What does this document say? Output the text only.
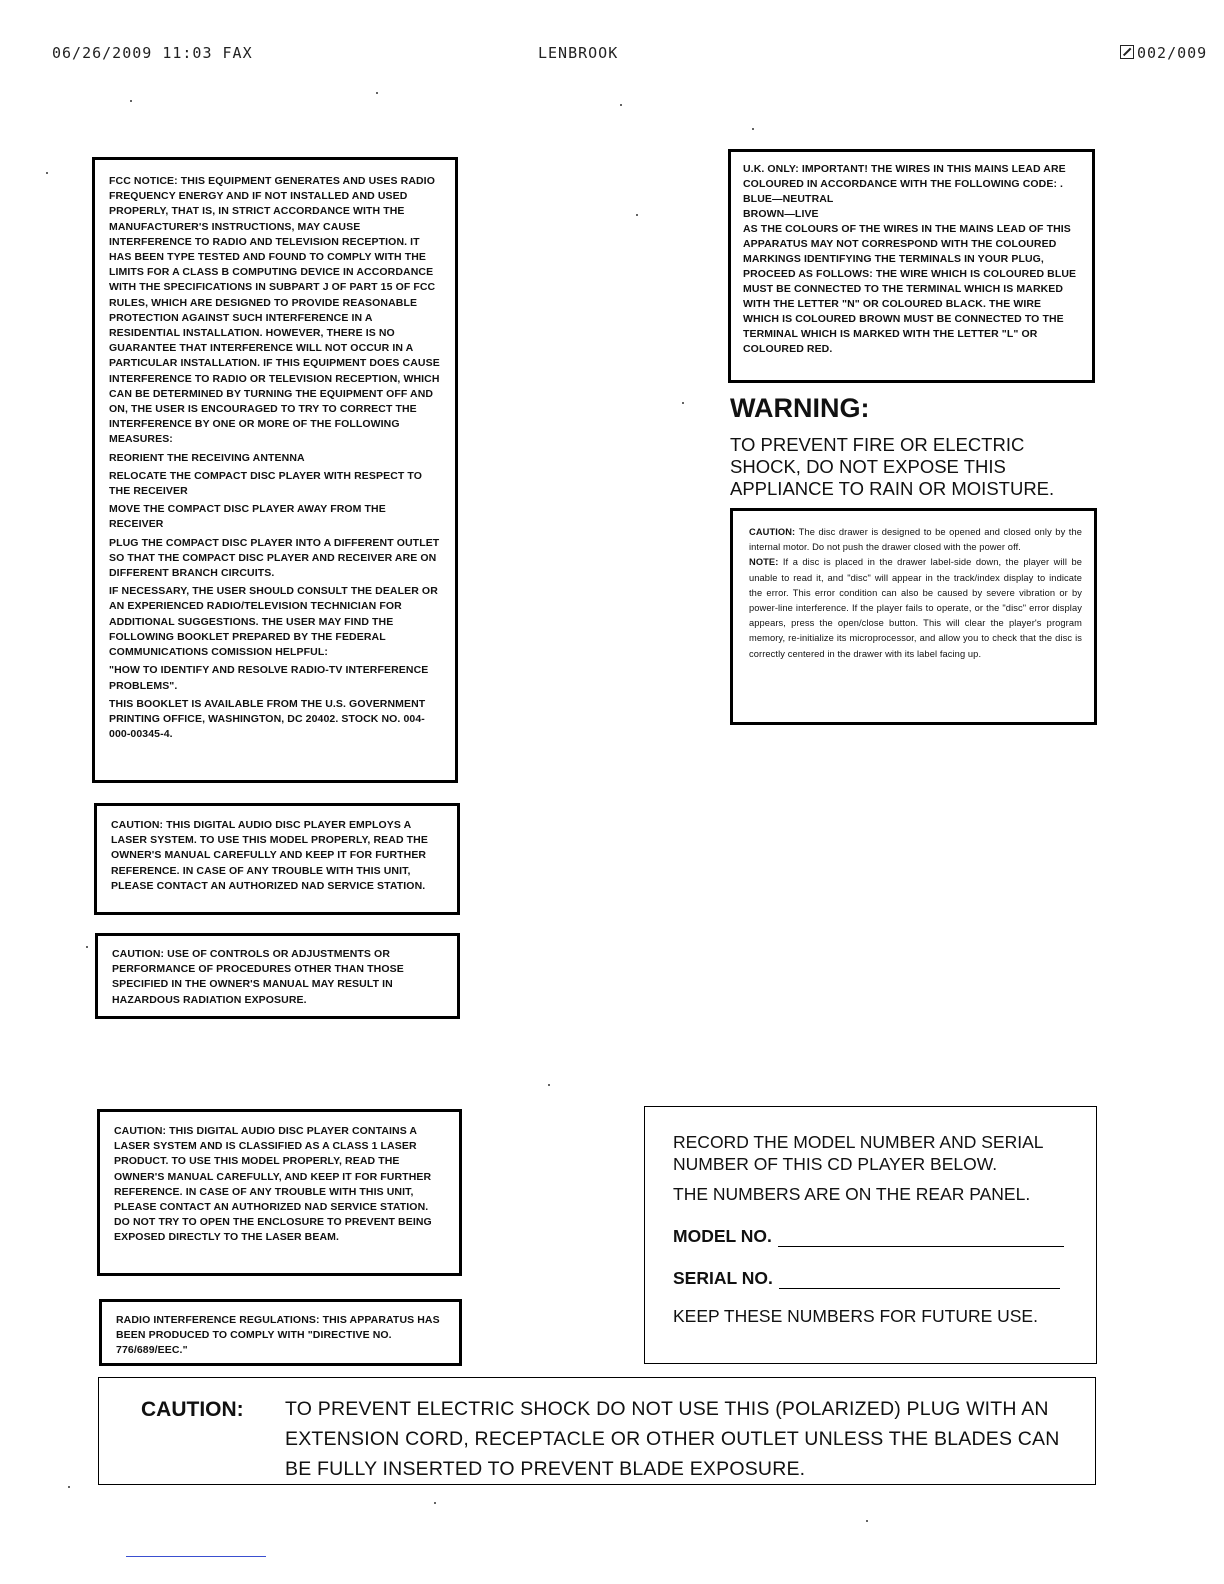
06/26/2009 11:03 FAX	LENBROOK	002/009

FCC NOTICE: THIS EQUIPMENT GENERATES AND USES RADIO FREQUENCY ENERGY AND IF NOT INSTALLED AND USED PROPERLY, THAT IS, IN STRICT ACCORDANCE WITH THE MANUFACTURER'S INSTRUCTIONS, MAY CAUSE INTERFERENCE TO RADIO AND TELEVISION RECEPTION. IT HAS BEEN TYPE TESTED AND FOUND TO COMPLY WITH THE LIMITS FOR A CLASS B COMPUTING DEVICE IN ACCORDANCE WITH THE SPECIFICATIONS IN SUBPART J OF PART 15 OF FCC RULES, WHICH ARE DESIGNED TO PROVIDE REASONABLE PROTECTION AGAINST SUCH INTERFERENCE IN A RESIDENTIAL INSTALLATION. HOWEVER, THERE IS NO GUARANTEE THAT INTERFERENCE WILL NOT OCCUR IN A PARTICULAR INSTALLATION. IF THIS EQUIPMENT DOES CAUSE INTERFERENCE TO RADIO OR TELEVISION RECEPTION, WHICH CAN BE DETERMINED BY TURNING THE EQUIPMENT OFF AND ON, THE USER IS ENCOURAGED TO TRY TO CORRECT THE INTERFERENCE BY ONE OR MORE OF THE FOLLOWING MEASURES:

REORIENT THE RECEIVING ANTENNA

RELOCATE THE COMPACT DISC PLAYER WITH RESPECT TO THE RECEIVER

MOVE THE COMPACT DISC PLAYER AWAY FROM THE RECEIVER

PLUG THE COMPACT DISC PLAYER INTO A DIFFERENT OUTLET SO THAT THE COMPACT DISC PLAYER AND RECEIVER ARE ON DIFFERENT BRANCH CIRCUITS.

IF NECESSARY, THE USER SHOULD CONSULT THE DEALER OR AN EXPERIENCED RADIO/TELEVISION TECHNICIAN FOR ADDITIONAL SUGGESTIONS. THE USER MAY FIND THE FOLLOWING BOOKLET PREPARED BY THE FEDERAL COMMUNICATIONS COMISSION HELPFUL:

"HOW TO IDENTIFY AND RESOLVE RADIO-TV INTERFERENCE PROBLEMS".

THIS BOOKLET IS AVAILABLE FROM THE U.S. GOVERNMENT PRINTING OFFICE, WASHINGTON, DC 20402. STOCK NO. 004-000-00345-4.

CAUTION: THIS DIGITAL AUDIO DISC PLAYER EMPLOYS A LASER SYSTEM. TO USE THIS MODEL PROPERLY, READ THE OWNER'S MANUAL CAREFULLY AND KEEP IT FOR FURTHER REFERENCE. IN CASE OF ANY TROUBLE WITH THIS UNIT, PLEASE CONTACT AN AUTHORIZED NAD SERVICE STATION.

CAUTION: USE OF CONTROLS OR ADJUSTMENTS OR PERFORMANCE OF PROCEDURES OTHER THAN THOSE SPECIFIED IN THE OWNER'S MANUAL MAY RESULT IN HAZARDOUS RADIATION EXPOSURE.

CAUTION: THIS DIGITAL AUDIO DISC PLAYER CONTAINS A LASER SYSTEM AND IS CLASSIFIED AS A CLASS 1 LASER PRODUCT. TO USE THIS MODEL PROPERLY, READ THE OWNER'S MANUAL CAREFULLY, AND KEEP IT FOR FURTHER REFERENCE. IN CASE OF ANY TROUBLE WITH THIS UNIT, PLEASE CONTACT AN AUTHORIZED NAD SERVICE STATION. DO NOT TRY TO OPEN THE ENCLOSURE TO PREVENT BEING EXPOSED DIRECTLY TO THE LASER BEAM.

RADIO INTERFERENCE REGULATIONS: THIS APPARATUS HAS BEEN PRODUCED TO COMPLY WITH "DIRECTIVE NO. 776/689/EEC."

U.K. ONLY: IMPORTANT! THE WIRES IN THIS MAINS LEAD ARE COLOURED IN ACCORDANCE WITH THE FOLLOWING CODE: .

BLUE—NEUTRAL

BROWN—LIVE

AS THE COLOURS OF THE WIRES IN THE MAINS LEAD OF THIS APPARATUS MAY NOT CORRESPOND WITH THE COLOURED MARKINGS IDENTIFYING THE TERMINALS IN YOUR PLUG, PROCEED AS FOLLOWS: THE WIRE WHICH IS COLOURED BLUE MUST BE CONNECTED TO THE TERMINAL WHICH IS MARKED WITH THE LETTER "N" OR COLOURED BLACK. THE WIRE WHICH IS COLOURED BROWN MUST BE CONNECTED TO THE TERMINAL WHICH IS MARKED WITH THE LETTER "L" OR COLOURED RED.

WARNING:

TO PREVENT FIRE OR ELECTRIC SHOCK, DO NOT EXPOSE THIS APPLIANCE TO RAIN OR MOISTURE.

CAUTION: The disc drawer is designed to be opened and closed only by the internal motor. Do not push the drawer closed with the power off.

NOTE: If a disc is placed in the drawer label-side down, the player will be unable to read it, and "disc" will appear in the track/index display to indicate the error. This error condition can also be caused by severe vibration or by power-line interference. If the player fails to operate, or the "disc" error display appears, press the open/close button. This will clear the player's program memory, re-initialize its microprocessor, and allow you to check that the disc is correctly centered in the drawer with its label facing up.

RECORD THE MODEL NUMBER AND SERIAL NUMBER OF THIS CD PLAYER BELOW.

THE NUMBERS ARE ON THE REAR PANEL.

MODEL NO.

SERIAL NO.

KEEP THESE NUMBERS FOR FUTURE USE.

CAUTION: TO PREVENT ELECTRIC SHOCK DO NOT USE THIS (POLARIZED) PLUG WITH AN EXTENSION CORD, RECEPTACLE OR OTHER OUTLET UNLESS THE BLADES CAN BE FULLY INSERTED TO PREVENT BLADE EXPOSURE.
